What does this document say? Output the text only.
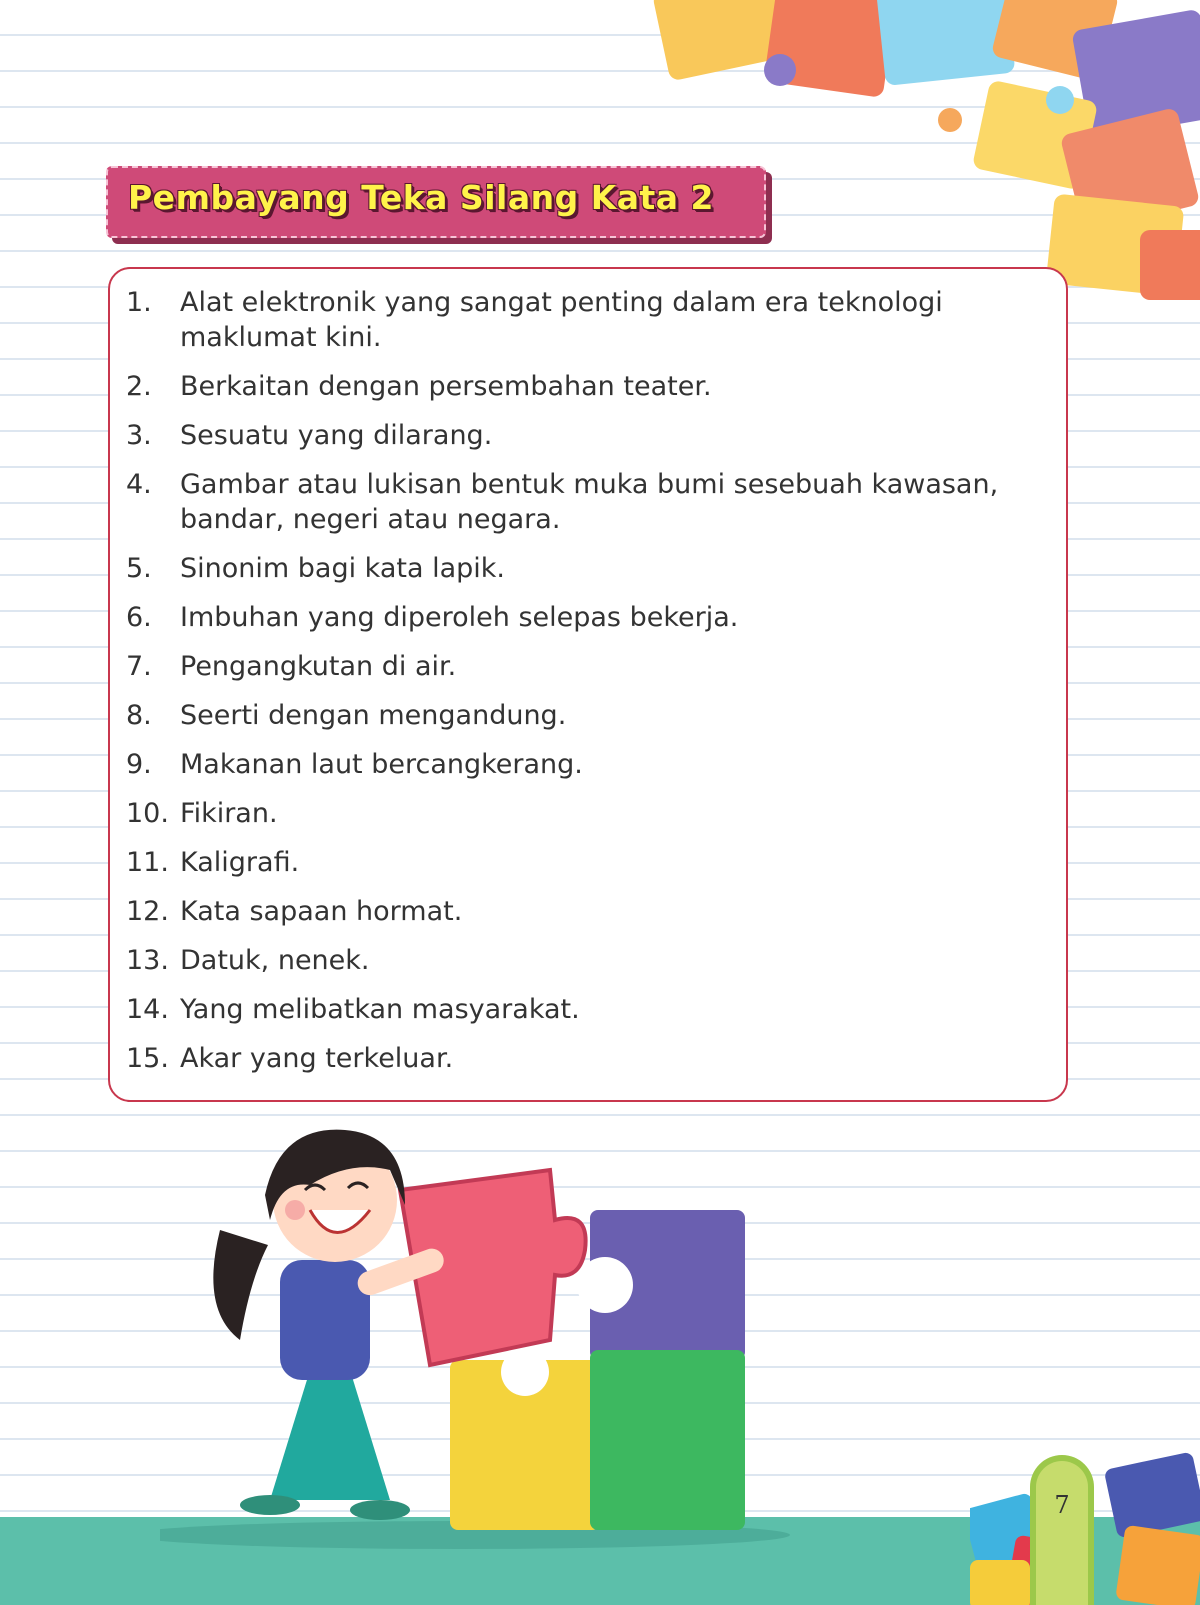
Pembayang Teka Silang Kata 2
1.	Alat elektronik yang sangat penting dalam era teknologi maklumat kini.
2.	Berkaitan dengan persembahan teater.
3.	Sesuatu yang dilarang.
4.	Gambar atau lukisan bentuk muka bumi sesebuah kawasan, bandar, negeri atau negara.
5.	Sinonim bagi kata lapik.
6.	Imbuhan yang diperoleh selepas bekerja.
7.	Pengangkutan di air.
8.	Seerti dengan mengandung.
9.	Makanan laut bercangkerang.
10. Fikiran.
11. Kaligrafi.
12. Kata sapaan hormat.
13. Datuk, nenek.
14. Yang melibatkan masyarakat.
15. Akar yang terkeluar.
7
